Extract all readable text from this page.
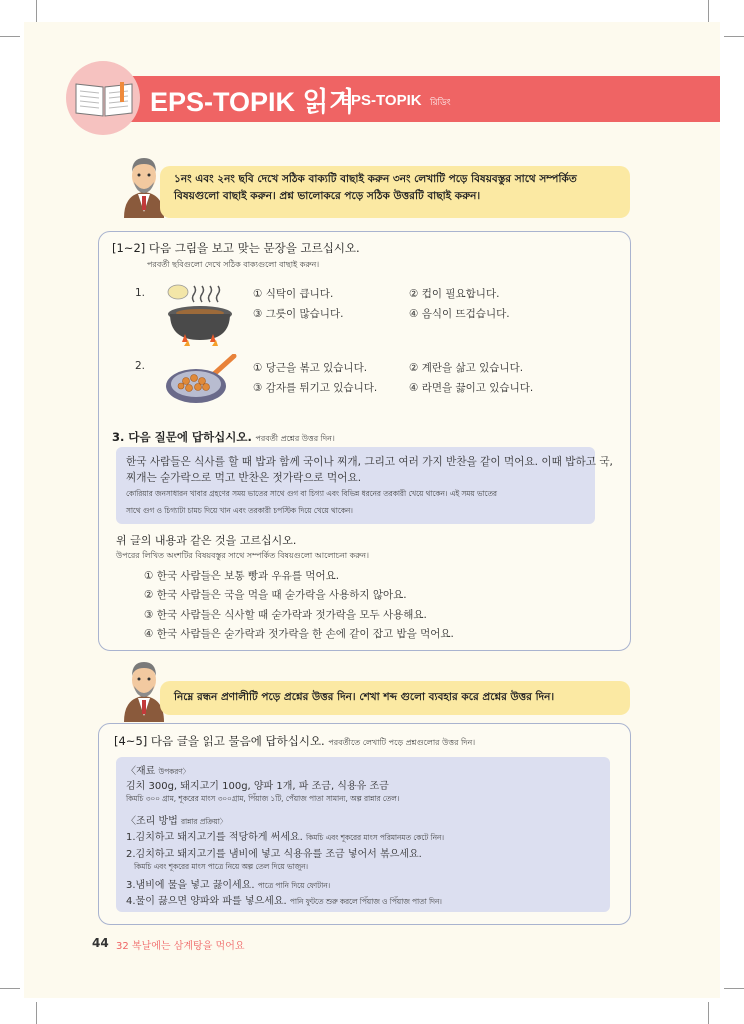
EPS-TOPIK 읽기
EPS-TOPIK রিডিং
১নং এবং ২নং ছবি দেখে সঠিক বাক্যটি বাছাই করুন ৩নং লেখাটি পড়ে বিষয়বস্তুর সাথে সম্পর্কিত
বিষয়গুলো বাছাই করুন। প্রশ্ন ভালোকরে পড়ে সঠিক উত্তরটি বাছাই করুন।
[1~2] 다음 그림을 보고 맞는 문장을 고르십시오.
পরবর্তী ছবিগুলো দেখে সঠিক বাক্যগুলো বাছাই করুন।
1.	① 식탁이 큽니다.	② 컵이 필요합니다.
③ 그릇이 많습니다.	④ 음식이 뜨겁습니다.
2.	① 당근을 볶고 있습니다.	② 계란을 삶고 있습니다.
③ 감자를 튀기고 있습니다.	④ 라면을 끓이고 있습니다.
3. 다음 질문에 답하십시오. পরবর্তী প্রশ্নের উত্তর দিন।
한국 사람들은 식사를 할 때 밥과 함께 국이나 찌개, 그리고 여러 가지 반찬을 같이 먹어요. 이때 밥하고 국,
찌개는 숟가락으로 먹고 반찬은 젓가락으로 먹어요.
কোরিয়ার জনসাধারন খাবার গ্রহণের সময় ভাতের সাথে গুগ বা চিগ্যা এবং বিভিন্ন ধরনের তরকারী খেয়ে থাকেন। এই সময় ভাতের
সাথে গুগ ও চিগ্যাটা চামচ দিয়ে খান এবং তরকারী চপস্টিক দিয়ে খেয়ে থাকেন।
위 글의 내용과 같은 것을 고르십시오.
উপরের লিখিত অংশটির বিষয়বস্তুর সাথে সম্পর্কিত বিষয়গুলো আলোচনা করুন।
① 한국 사람들은 보통 빵과 우유를 먹어요.
② 한국 사람들은 국을 먹을 때 숟가락을 사용하지 않아요.
③ 한국 사람들은 식사할 때 숟가락과 젓가락을 모두 사용해요.
④ 한국 사람들은 숟가락과 젓가락을 한 손에 같이 잡고 밥을 먹어요.
নিম্নে রন্ধন প্রণালীটি পড়ে প্রশ্নের উত্তর দিন। শেখা শব্দ গুলো ব্যবহার করে প্রশ্নের উত্তর দিন।
[4~5] 다음 글을 읽고 물음에 답하십시오. পরবর্তীতে লেখাটি পড়ে প্রশ্নগুলোর উত্তর দিন।
〈재료 উপকরণ〉
김치 300g, 돼지고기 100g, 양파 1개, 파 조금, 식용유 조금
কিমচি ৩০০ গ্রাম, শূকরের মাংস ৩০০গ্রাম, পিঁয়াজ ১টি, পেঁয়াজ পাতা সামান্য, অল্প রান্নার তেল।
〈조리 방법 রান্নার প্রক্রিয়া〉
1.김치하고 돼지고기를 적당하게 써세요. কিমচি এবং শূকরের মাংস পরিমানমত কেটে নিন।
2.김치하고 돼지고기를 냄비에 넣고 식용유를 조금 넣어서 볶으세요.
কিমচি এবং শূকরের মাংস পাত্রে নিয়ে অল্প তেল দিয়ে ভাজুন।
3.냄비에 물을 넣고 끓이세요. পাত্রে পানি দিয়ে ফোটান।
4.물이 끓으면 양파와 파를 넣으세요. পানি ফুটতে শুরু করলে পিঁয়াজ ও পিঁয়াজ পাতা দিন।
44 32 복날에는 삼계탕을 먹어요
